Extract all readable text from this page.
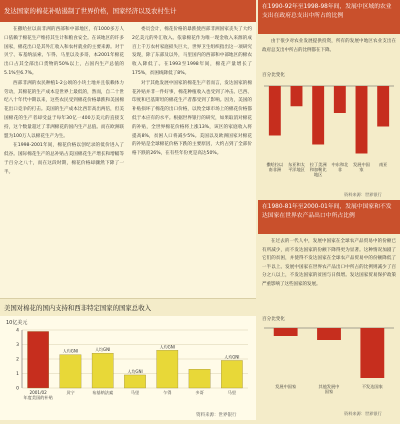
发达国家的棉花补贴遏制了世界价格，国家经济以及农村生计

在撒哈拉以南非洲的西部和中部地区，有1000多万人口依赖于棉花生产维持其生计和粮食安全。在该地区的许多国家，棉花出口是其外汇收入和农村就业的主要来源。对于贝宁、布基纳法索、乍得、马里以及多哥，本2001年棉花出口占其全部出口货物的50%以上，占国内生产总值的5.1%至6.7%。

西部非洲的农民种植1-2公顷的小块土地并且依赖体力劳动，其棉花的生产成本是世界上最低的，然而，自二十世纪八十年代中期以来，这些农民受到棉花价格暴跌和美国棉花出口竞争的打击。美国的生产成本比西非高出两倍，但美国棉花的生产者却受益于每年30亿一400万美元的直接支持，这个数量超过了非洲棉花的国内生产总值。而在欧洲联盟为100万人以棉花生产为生。

在1998-2001年间，棉花价格以创纪录的低价进入了低谷。国际棉花生产的总补贴占美国棉花生产增长和增幅等于百分之八十，而在这段时期，棉花价格却骤然下降了一半。

委员会计，棉花价格的暴跌使西部非洲国家丧失了大约2亿美元的外汇收入。依靠棉花作为唯一现金收入来源的成百上千万农村家庭损失巨大，世界卫生组织指出这一项研究发现，除了东部及以外，马里国内的西部和中部地区的棉农收入降低了。在1993至1998年间，棉花产量增长了175%，贫困线降低了8%。

对于其他发展中国家的棉花生产者而言，发达国家的棉花补贴并非一件好事，棉花种植收入也受到了冲击。巴西、印度和巴基斯坦的棉花生产者都受到了影响。因为，美国的补贴损坏了棉花的出口价格，以致全球市场上的棉花价格都低于本应有的水平。根据世界银行的研究，如果取消对棉花的补贴，全世界棉花价格将上涨13%，该区的家庭收入将提高8%，贫困人口将减少5%。美国以及欧洲国家对棉花的补贴是全球棉花价格下跌的主要原因，大约占到了全部价格下跌的26%，在有些年份更是高达50%。

美国对棉花的国内支持和西非特定国家的国家总收入
10亿美元
资料来源：世界银行
0
1
2
3
4
2001/02 年度美国的补贴
人均GNI
贝宁
人均GNI
布基纳法索
人均GNI
马里
人均GNI
乍得	多哥
人均GNI
马里
在1990-92年至1998-98年间，发展中区域的农业支出在政府总支出中所占的比例

由于很少对农业发展提供投资，所有的发展中地区农业支出在政府总支出中所占的比例都在下降。

百分比变化
撒哈拉以南非洲
东亚和太平洋地区
拉丁美洲和加勒比地区
中东和北非
发展中国家
南亚
资料来源：世界银行
在1980-81年至2000-01年间，发展中国家和不发达国家在世界农产品出口中所占比例

在过去的一代人中，发展中国家在全球农产品贸易中的份额已有所减少，而不发达国家的份额下降得更为显著。这种情况加剧了它们的贫困，并使得不发达国家在全球农产品贸易中的份额降低了一半以上。发展中国家在世界农产品出口中所占的比例则减少了百分之八以上，不发达国家的贫困与日俱增。发达国家贸易保护政策严重影响了这些国家的发展。

百分比变化
发展中国家	其他发展中国家
不发达国家
资料来源：世界银行
